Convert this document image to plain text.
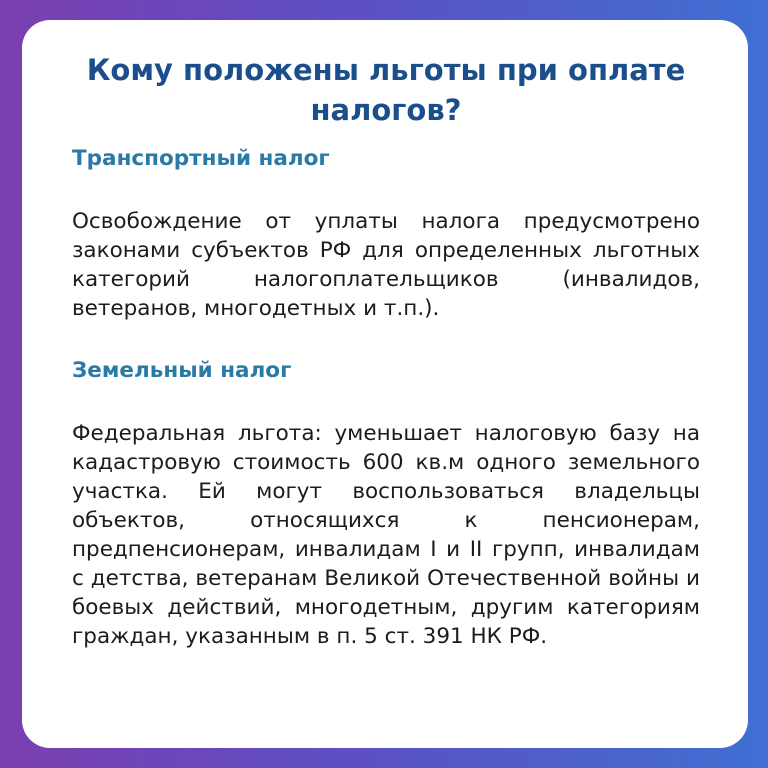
Кому положены льготы при оплате налогов?
Транспортный налог

Освобождение от уплаты налога предусмотрено законами субъектов РФ для определенных льготных категорий налогоплательщиков (инвалидов, ветеранов, многодетных и т.п.).

Земельный налог

Федеральная льгота: уменьшает налоговую базу на кадастровую стоимость 600 кв.м одного земельного участка. Ей могут воспользоваться владельцы объектов, относящихся к пенсионерам, предпенсионерам, инвалидам I и II групп, инвалидам с детства, ветеранам Великой Отечественной войны и боевых действий, многодетным, другим категориям граждан, указанным в п. 5 ст. 391 НК РФ.
